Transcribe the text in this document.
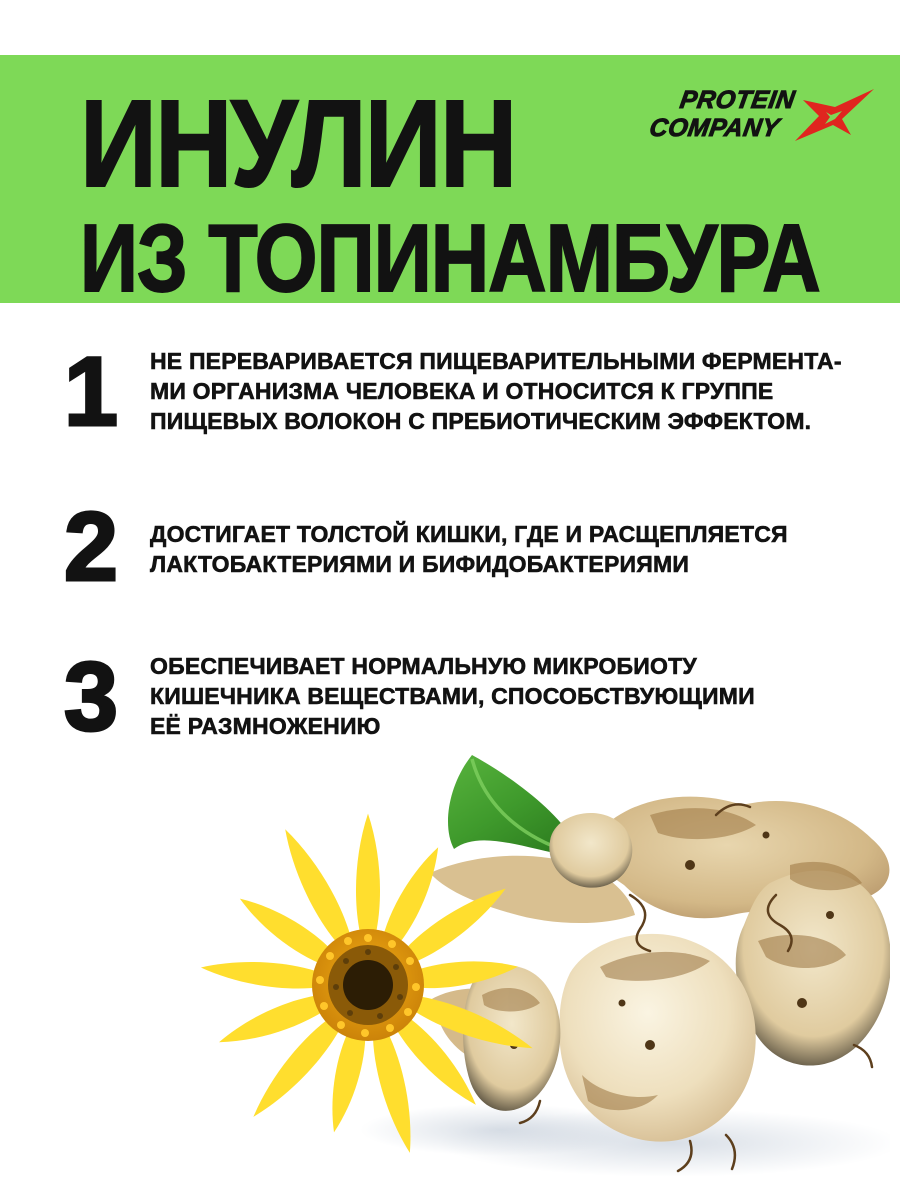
ИНУЛИН
ИЗ ТОПИНАМБУРА
PROTEIN
COMPANY
1 НЕ ПЕРЕВАРИВАЕТСЯ ПИЩЕВАРИТЕЛЬНЫМИ ФЕРМЕНТА-
МИ ОРГАНИЗМА ЧЕЛОВЕКА И ОТНОСИТСЯ К ГРУППЕ
ПИЩЕВЫХ ВОЛОКОН С ПРЕБИОТИЧЕСКИМ ЭФФЕКТОМ.
2 ДОСТИГАЕТ ТОЛСТОЙ КИШКИ, ГДЕ И РАСЩЕПЛЯЕТСЯ
ЛАКТОБАКТЕРИЯМИ И БИФИДОБАКТЕРИЯМИ
3 ОБЕСПЕЧИВАЕТ НОРМАЛЬНУЮ МИКРОБИОТУ
КИШЕЧНИКА ВЕЩЕСТВАМИ, СПОСОБСТВУЮЩИМИ
ЕЁ РАЗМНОЖЕНИЮ
